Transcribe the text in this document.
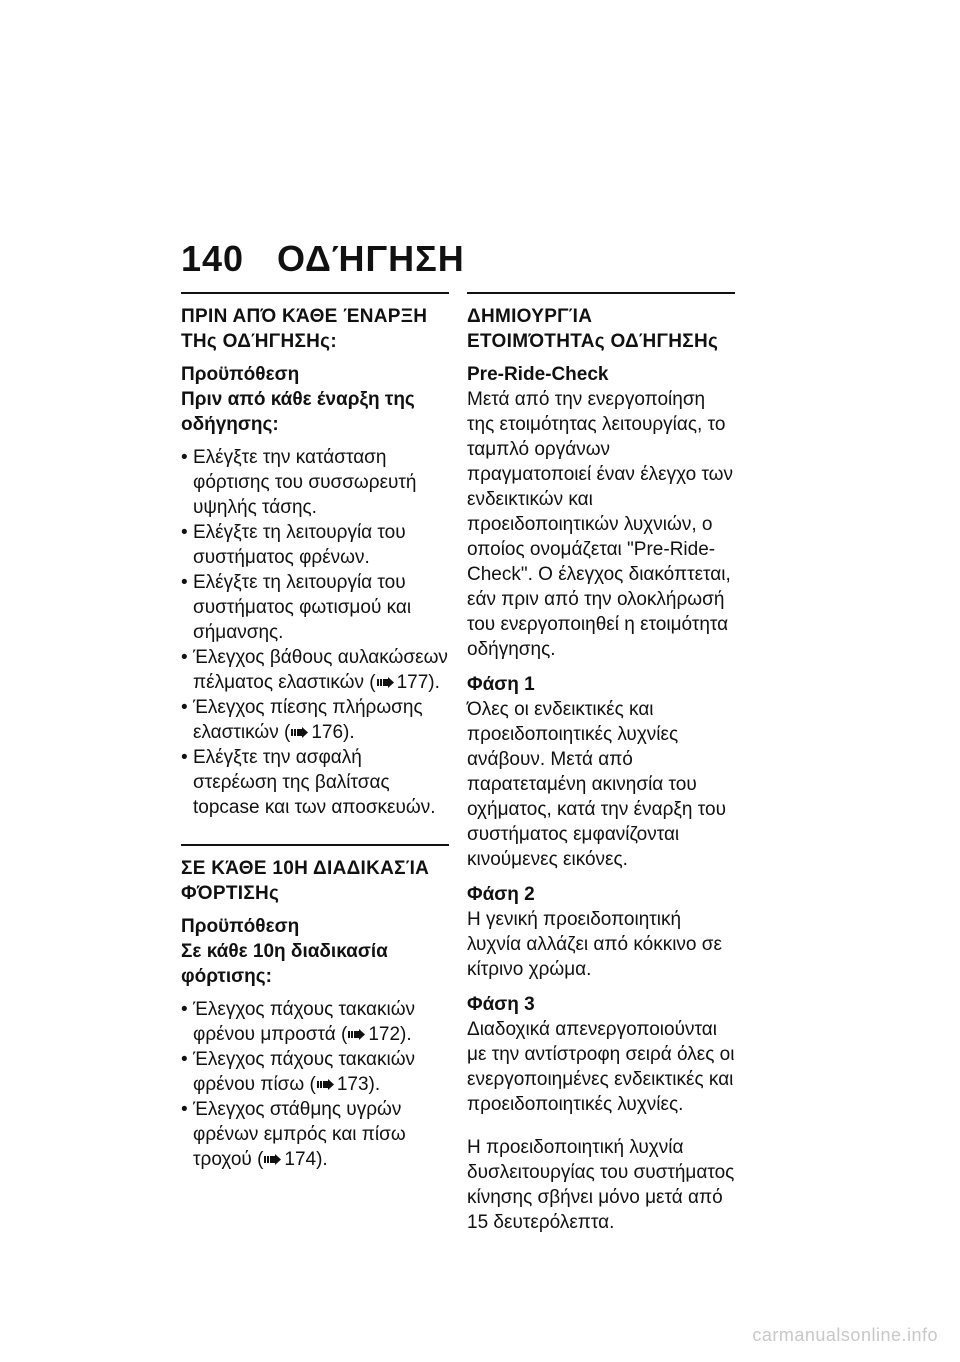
140 ΟΔΉΓΗΣΗ
ΠΡΙΝ ΑΠΌ ΚΆΘΕ ΈΝΑΡΞΗ ΤΗς ΟΔΉΓΗΣΗς:

Προϋπόθεση

Πριν από κάθε έναρξη της οδήγησης:

• Ελέγξτε την κατάσταση φόρτισης του συσσωρευτή υψηλής τάσης.
• Ελέγξτε τη λειτουργία του συστήματος φρένων.
• Ελέγξτε τη λειτουργία του συστήματος φωτισμού και σήμανσης.
• Έλεγχος βάθους αυλακώσεων πέλματος ελαστικών ( 177).
• Έλεγχος πίεσης πλήρωσης ελαστικών ( 176).
• Ελέγξτε την ασφαλή στερέωση της βαλίτσας topcase και των αποσκευών.
ΣΕ ΚΆΘΕ 10Η ΔΙΑΔΙΚΑΣΊΑ ΦΌΡΤΙΣΗς

Προϋπόθεση

Σε κάθε 10η διαδικασία φόρτισης:

• Έλεγχος πάχους τακακιών φρένου μπροστά ( 172).
• Έλεγχος πάχους τακακιών φρένου πίσω ( 173).
• Έλεγχος στάθμης υγρών φρένων εμπρός και πίσω τροχού ( 174).
ΔΗΜΙΟΥΡΓΊΑ ΕΤΟΙΜΌΤΗΤΑς ΟΔΉΓΗΣΗς

Pre-Ride-Check

Μετά από την ενεργοποίηση της ετοιμότητας λειτουργίας, το ταμπλό οργάνων πραγματοποιεί έναν έλεγχο των ενδεικτικών και προειδοποιητικών λυχνιών, ο οποίος ονομάζεται "Pre-Ride-Check". Ο έλεγχος διακόπτεται, εάν πριν από την ολοκλήρωσή του ενεργοποιηθεί η ετοιμότητα οδήγησης.

Φάση 1

Όλες οι ενδεικτικές και προειδοποιητικές λυχνίες ανάβουν. Μετά από παρατεταμένη ακινησία του οχήματος, κατά την έναρξη του συστήματος εμφανίζονται κινούμενες εικόνες.

Φάση 2

Η γενική προειδοποιητική λυχνία αλλάζει από κόκκινο σε κίτρινο χρώμα.

Φάση 3

Διαδοχικά απενεργοποιούνται με την αντίστροφη σειρά όλες οι ενεργοποιημένες ενδεικτικές και προειδοποιητικές λυχνίες.

Η προειδοποιητική λυχνία δυσλειτουργίας του συστήματος κίνησης σβήνει μόνο μετά από 15 δευτερόλεπτα.

carmanualsonline.info
